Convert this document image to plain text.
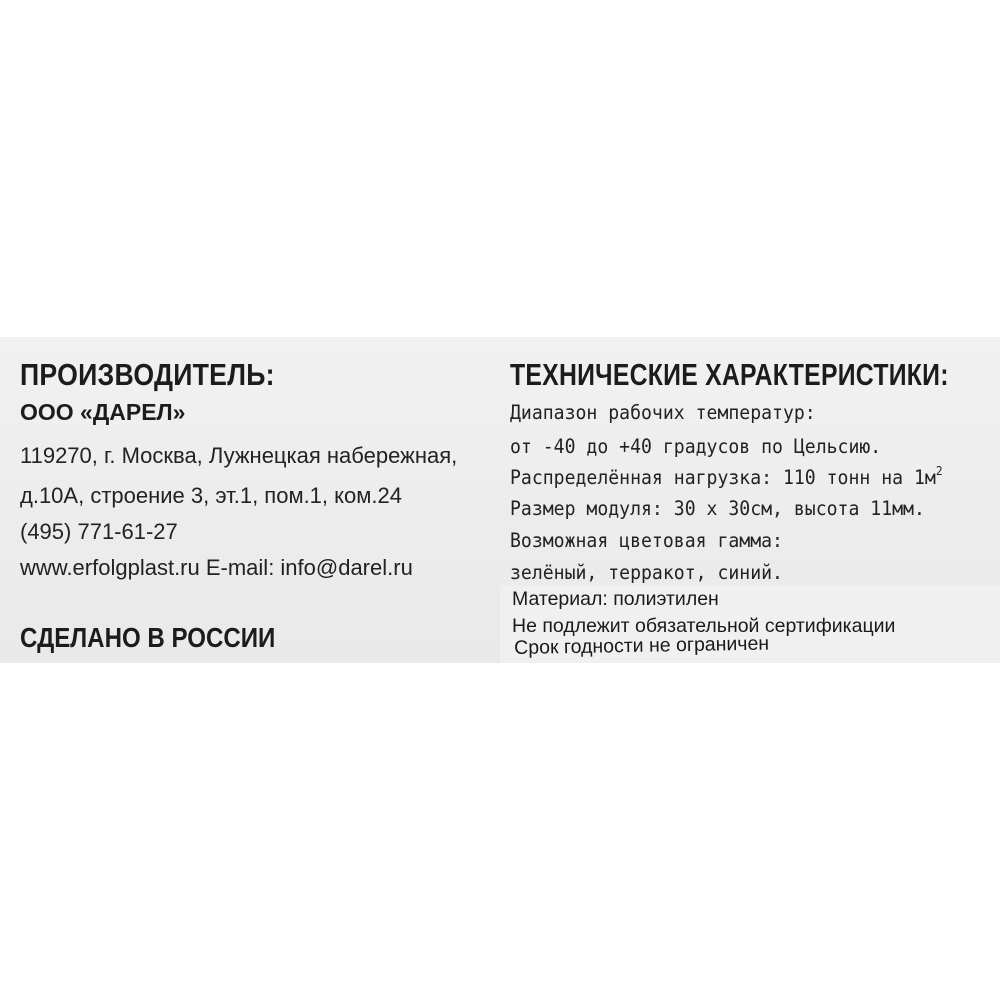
ПРОИЗВОДИТЕЛЬ:
ООО «ДАРЕЛ»
119270, г. Москва, Лужнецкая набережная,
д.10А, строение 3, эт.1, пом.1, ком.24
(495) 771-61-27
www.erfolgplast.ru E-mail: info@darel.ru
СДЕЛАНО В РОССИИ
ТЕХНИЧЕСКИЕ ХАРАКТЕРИСТИКИ:
Диапазон рабочих температур:
от -40 до +40 градусов по Цельсию.
Распределённая нагрузка: 110 тонн на $1м^2$
Размер модуля: 30 х 30см, высота 11мм.
Возможная цветовая гамма:
зелёный, терракот, синий.
Материал: полиэтилен
Не подлежит обязательной сертификации
Срок годности не ограничен
